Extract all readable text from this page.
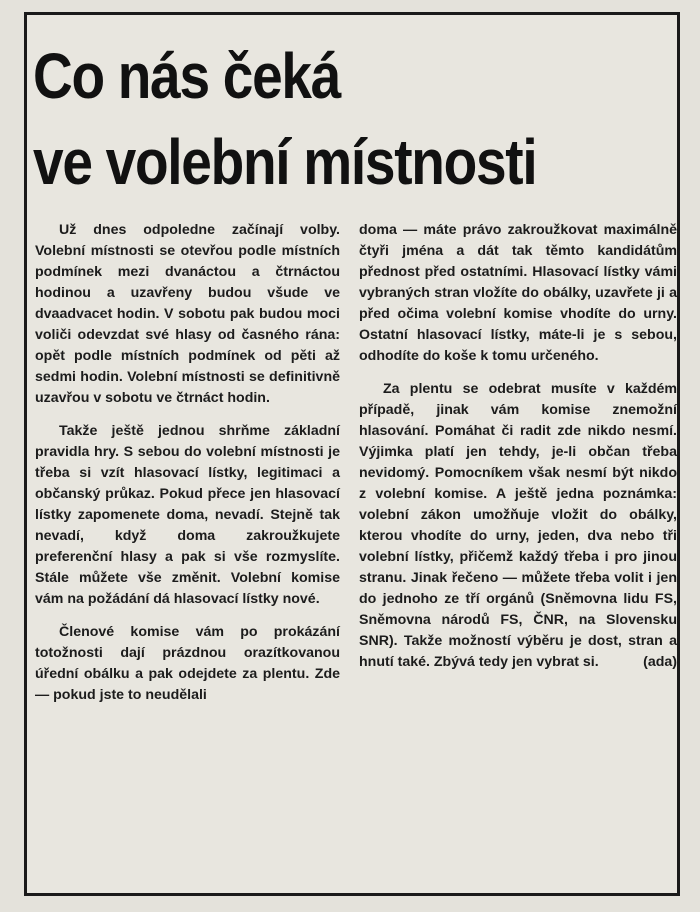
Co nás čeká
ve volební místnosti

Už dnes odpoledne začínají volby. Volební místnosti se otevřou podle místních podmínek mezi dvanáctou a čtrnáctou hodinou a uzavřeny budou všude ve dvaadvacet hodin. V sobotu pak budou moci voliči odevzdat své hlasy od časného rána: opět podle místních podmínek od pěti až sedmi hodin. Volební místnosti se definitivně uzavřou v sobotu ve čtrnáct hodin.

Takže ještě jednou shrňme základní pravidla hry. S sebou do volební místnosti je třeba si vzít hlasovací lístky, legitimaci a občanský průkaz. Pokud přece jen hlasovací lístky zapomenete doma, nevadí. Stejně tak nevadí, když doma zakroužkujete preferenční hlasy a pak si vše rozmyslíte. Stále můžete vše změnit. Volební komise vám na požádání dá hlasovací lístky nové.

Členové komise vám po prokázání totožnosti dají prázdnou orazítkovanou úřední obálku a pak odejdete za plentu. Zde — pokud jste to neudělali

doma — máte právo zakroužkovat maximálně čtyři jména a dát tak těmto kandidátům přednost před ostatními. Hlasovací lístky vámi vybraných stran vložíte do obálky, uzavřete ji a před očima volební komise vhodíte do urny. Ostatní hlasovací lístky, máte-li je s sebou, odhodíte do koše k tomu určeného.

Za plentu se odebrat musíte v každém případě, jinak vám komise znemožní hlasování. Pomáhat či radit zde nikdo nesmí. Výjimka platí jen tehdy, je-li občan třeba nevidomý. Pomocníkem však nesmí být nikdo z volební komise. A ještě jedna poznámka: volební zákon umožňuje vložit do obálky, kterou vhodíte do urny, jeden, dva nebo tři volební lístky, přičemž každý třeba i pro jinou stranu. Jinak řečeno — můžete třeba volit i jen do jednoho ze tří orgánů (Sněmovna lidu FS, Sněmovna národů FS, ČNR, na Slovensku SNR). Takže možností výběru je dost, stran a hnutí také. Zbývá tedy jen vybrat si.	(ada)
